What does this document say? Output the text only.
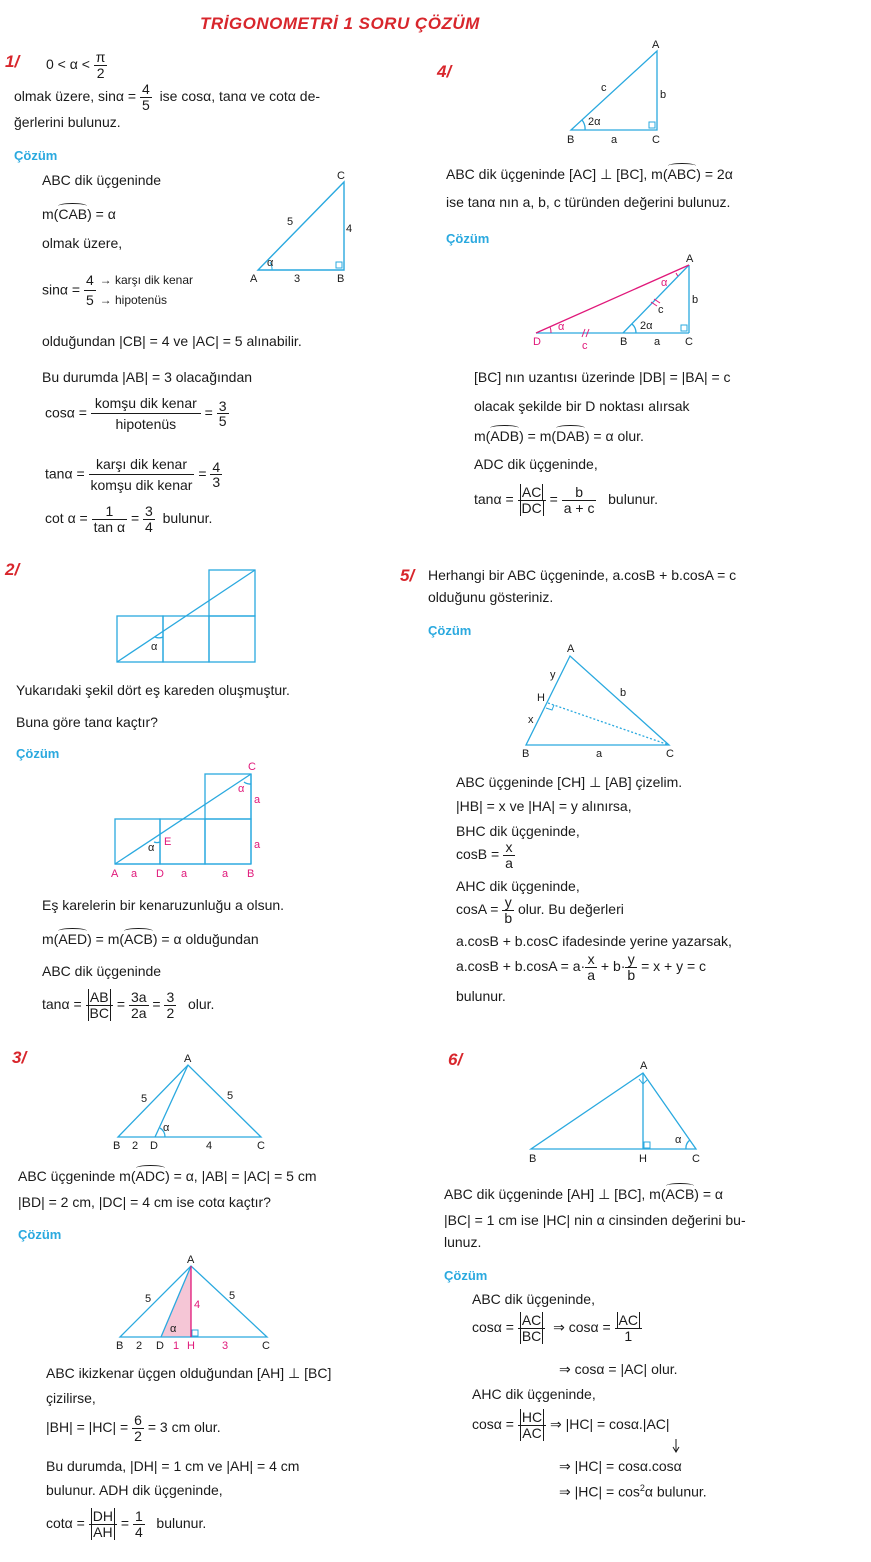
TRİGONOMETRİ 1 SORU ÇÖZÜM
1/ $0 < \alpha < \frac{\pi}{2}$
olmak üzere, $\sin\alpha = \frac{4}{5}$ ise cosα, tanα ve cotα de-
ğerlerini bulunuz.
Çözüm
ABC dik üçgeninde
m(CAB) = α
olmak üzere,
$\sin\alpha = \frac{4}{5}$
→ karşı dik kenar
→ hipotenüs
olduğundan |CB| = 4 ve |AC| = 5 alınabilir.
Bu durumda |AB| = 3 olacağından
$\cos\alpha = \frac{\text{komşu dik kenar}}{\text{hipotenüs}} = \frac{3}{5}$
$\tan\alpha = \frac{\text{karşı dik kenar}}{\text{komşu dik kenar}} = \frac{4}{3}$
$\cot \alpha = \frac{1}{\text{tan α}} = \frac{3}{4}$ bulunur.
α
A	B
C
3
4
5
2/
α
Yukarıdaki şekil dört eş kareden oluşmuştur.
Buna göre tanα kaçtır?
Çözüm
C
α
a
a
E
α
A a D a	a B
Eş karelerin bir kenaruzunluğu a olsun.
m(AED) = m(ACB) = α olduğundan
ABC dik üçgeninde
$\tan\alpha = \frac{AB}{BC} = \frac{3a}{2a} = \frac{3}{2}$ olur.
3/	A
5	5
α
B 2 D	4	C
ABC üçgeninde m(ADC) = α, |AB| = |AC| = 5 cm
|BD| = 2 cm, |DC| = 4 cm ise cotα kaçtır?
Çözüm
A
5	5
4
α
B 2 D 1 H 3	C
ABC ikizkenar üçgen olduğundan [AH] ⊥ [BC]
çizilirse,
$|BH| = |HC| = \frac{6}{2} = 3$ cm olur.
Bu durumda, |DH| = 1 cm ve |AH| = 4 cm
bulunur. ADH dik üçgeninde,
$\cot\alpha = \frac{DH}{AH} = \frac{1}{4}$ bulunur.
4/
A
c
b
2α
B	a	C
ABC dik üçgeninde [AC] ⊥ [BC], m(ABC) = 2α
ise tanα nın a, b, c türünden değerini bulunuz.
Çözüm
A
α
c
b
α	2α
D	c	B a C
[BC] nın uzantısı üzerinde |DB| = |BA| = c
olacak şekilde bir D noktası alırsak
m(ADB) = m(DAB) = α olur.
ADC dik üçgeninde,
$\tan\alpha = \frac{AC}{DC} = \frac{b}{a + c}$ bulunur.
5/ Herhangi bir ABC üçgeninde, a.cosB + b.cosA = c
olduğunu gösteriniz.
Çözüm
A
y
H	b
x
B	a	C
ABC üçgeninde [CH] ⊥ [AB] çizelim.
|HB| = x ve |HA| = y alınırsa,
BHC dik üçgeninde,
$\cos B = \frac{x}{a}$
AHC dik üçgeninde,
$\cos A = \frac{y}{b}$ olur. Bu değerleri
a.cosB + b.cosC ifadesinde yerine yazarsak,
$a.\cos B + b.\cos A = a\cdot \frac{x}{a} + b\cdot \frac{y}{b} = x + y = c$
bulunur.
6/	A
α
B	H	C
ABC dik üçgeninde [AH] ⊥ [BC], m(ACB) = α
|BC| = 1 cm ise |HC| nin α cinsinden değerini bu-
lunuz.
Çözüm
ABC dik üçgeninde,
$\cos\alpha = \frac{AC}{BC}$ ⇒ $\cos\alpha = \frac{AC}{1}$
⇒ cosα = |AC| olur.
AHC dik üçgeninde,
$\cos\alpha = \frac{HC}{AC}$ ⇒ |HC| = cosα.|AC|
⇒ |HC| = cosα.cosα
⇒ $|HC| = \cos^2\alpha$ bulunur.
